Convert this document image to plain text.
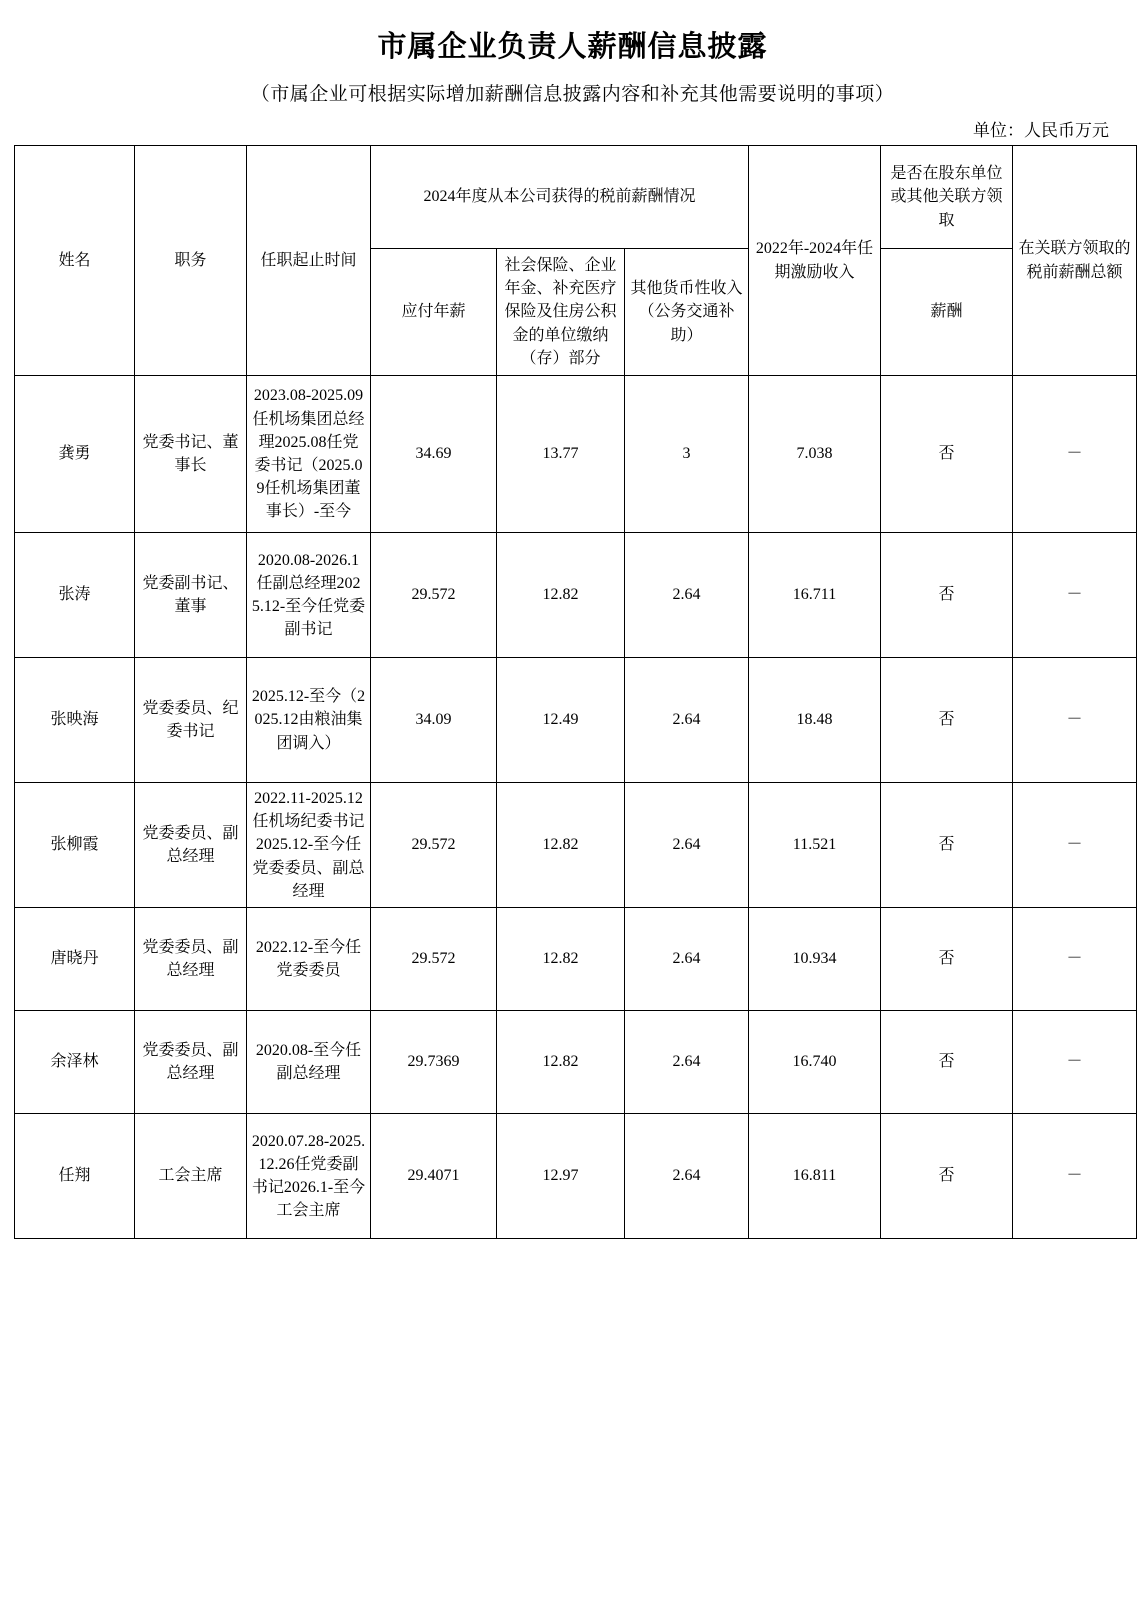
市属企业负责人薪酬信息披露
（市属企业可根据实际增加薪酬信息披露内容和补充其他需要说明的事项）
单位：人民币万元
姓名	职务	任职起止时间	2024年度从本公司获得的税前薪酬情况			2022年-2024年任期激励收入	是否在股东单位或其他关联方领取	在关联方领取的税前薪酬总额
			应付年薪	社会保险、企业年金、补充医疗保险及住房公积金的单位缴纳（存）部分	其他货币性收入（公务交通补助）		薪酬	
龚勇	党委书记、董事长	2023.08-2025.09任机场集团总经理2025.08任党委书记（2025.09任机场集团董事长）-至今	34.69	13.77	3	7.038	否	－
张涛	党委副书记、董事	2020.08-2026.1 任副总经理2025.12-至今任党委副书记	29.572	12.82	2.64	16.711	否	－
张映海	党委委员、纪委书记	2025.12-至今（2025.12由粮油集团调入）	34.09	12.49	2.64	18.48	否	－
张柳霞	党委委员、副总经理	2022.11-2025.12 任机场纪委书记2025.12-至今任党委委员、副总经理	29.572	12.82	2.64	11.521	否	－
唐晓丹	党委委员、副总经理	2022.12-至今任党委委员	29.572	12.82	2.64	10.934	否	－
余泽林	党委委员、副总经理	2020.08-至今任副总经理	29.7369	12.82	2.64	16.740	否	－
任翔	工会主席	2020.07.28-2025.12.26任党委副书记2026.1-至今工会主席	29.4071	12.97	2.64	16.811	否	－
